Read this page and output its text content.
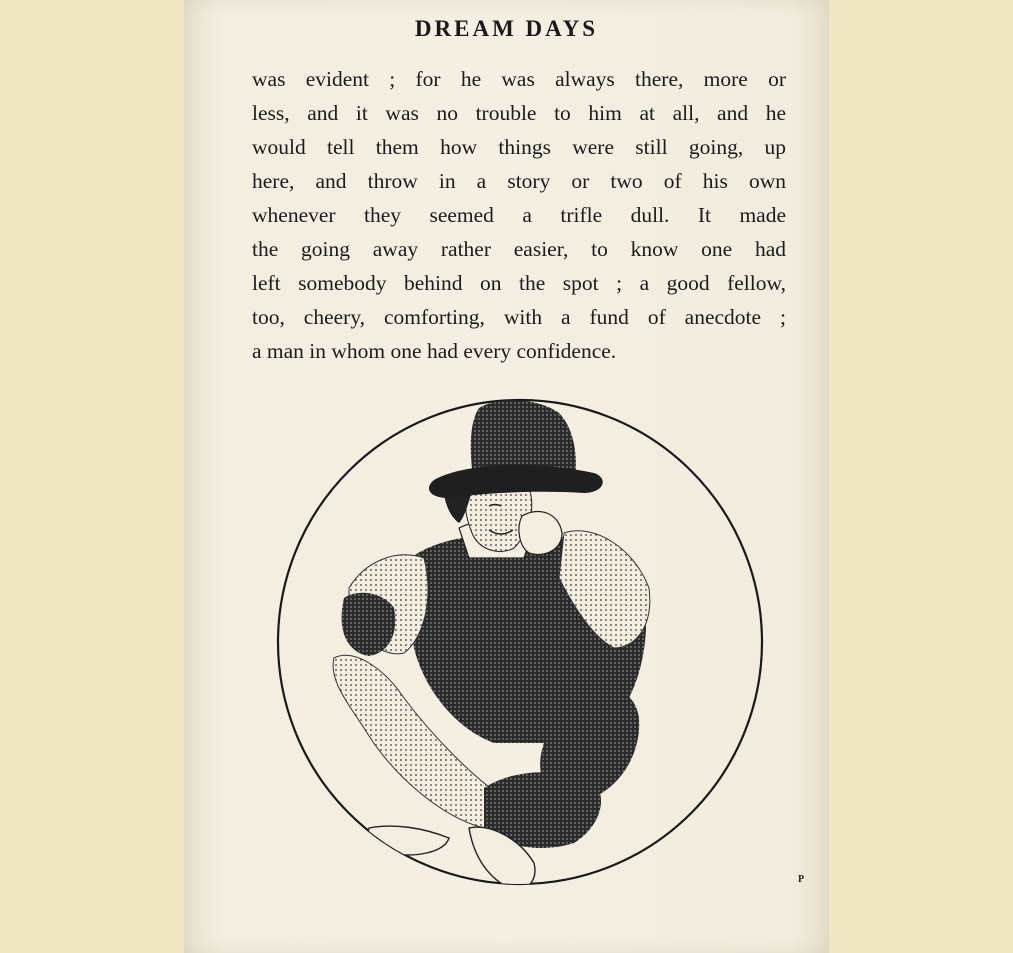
DREAM DAYS
was evident ; for he was always there, more or
less, and it was no trouble to him at all, and he
would tell them how things were still going, up
here, and throw in a story or two of his own
whenever they seemed a trifle dull. It made
the going away rather easier, to know one had
left somebody behind on the spot ; a good fellow,
too, cheery, comforting, with a fund of anecdote ;
a man in whom one had every confidence.
P
